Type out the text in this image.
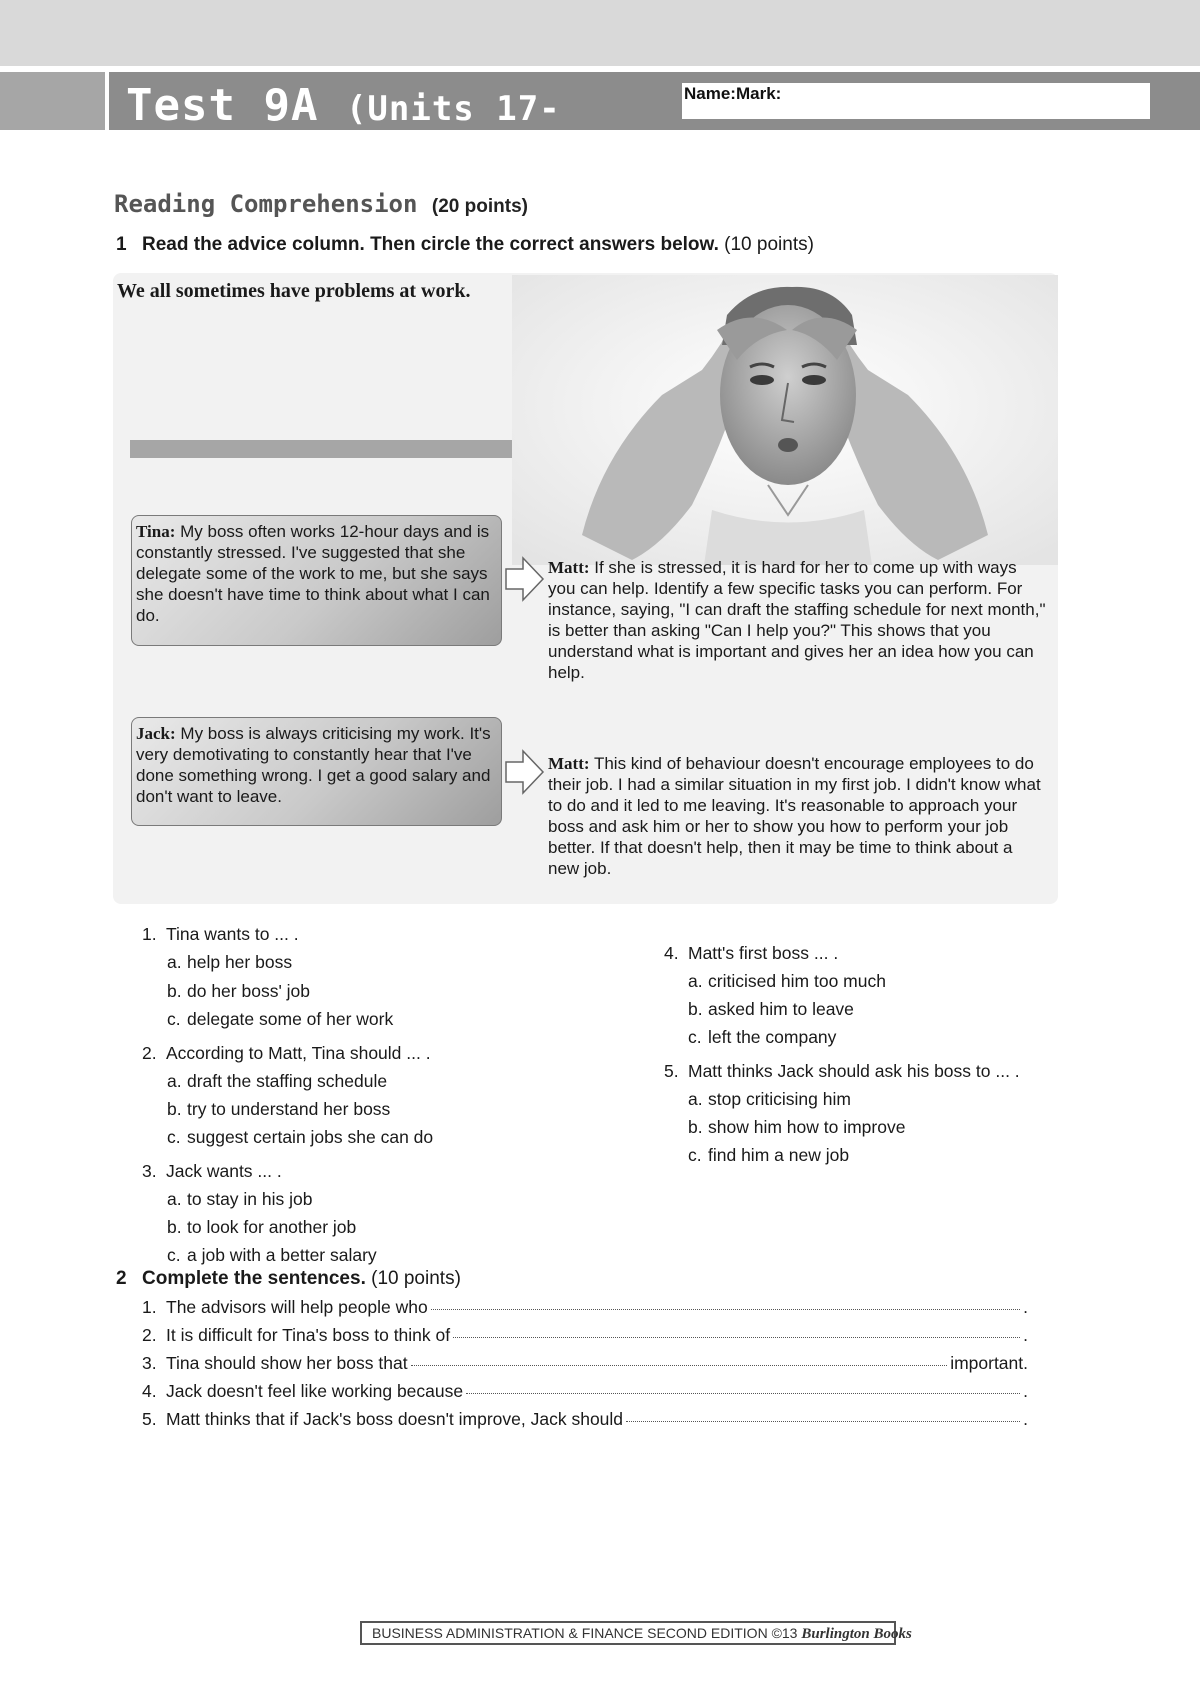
Test 9A (Units 17-	Name:Mark:
Reading Comprehension (20 points)
1 Read the advice column. Then circle the correct answers below. (10 points)
We all sometimes have problems at work.
Tina: My boss often works 12-hour days and is constantly stressed. I've suggested that she delegate some of the work to me, but she says she doesn't have time to think about what I can do.
Matt: If she is stressed, it is hard for her to come up with ways you can help. Identify a few specific tasks you can perform. For instance, saying, "I can draft the staffing schedule for next month," is better than asking "Can I help you?" This shows that you understand what is important and gives her an idea how you can help.
Jack: My boss is always criticising my work. It's very demotivating to constantly hear that I've done something wrong. I get a good salary and don't want to leave.
Matt: This kind of behaviour doesn't encourage employees to do their job. I had a similar situation in my first job. I didn't know what to do and it led to me leaving. It's reasonable to approach your boss and ask him or her to show you how to perform your job better. If that doesn't help, then it may be time to think about a new job.
1. Tina wants to ... .
a. help her boss
b. do her boss' job
c. delegate some of her work
2. According to Matt, Tina should ... .
a. draft the staffing schedule
b. try to understand her boss
c. suggest certain jobs she can do
3. Jack wants ... .
a. to stay in his job
b. to look for another job
c. a job with a better salary
4. Matt's first boss ... .
a. criticised him too much
b. asked him to leave
c. left the company
5. Matt thinks Jack should ask his boss to ... .
a. stop criticising him
b. show him how to improve
c. find him a new job
2 Complete the sentences. (10 points)
1. The advisors will help people who	.
2. It is difficult for Tina's boss to think of	.
3. Tina should show her boss that	important.
4. Jack doesn't feel like working because	.
5. Matt thinks that if Jack's boss doesn't improve, Jack should	.
BUSINESS ADMINISTRATION & FINANCE SECOND EDITION ©13 Burlington Books
